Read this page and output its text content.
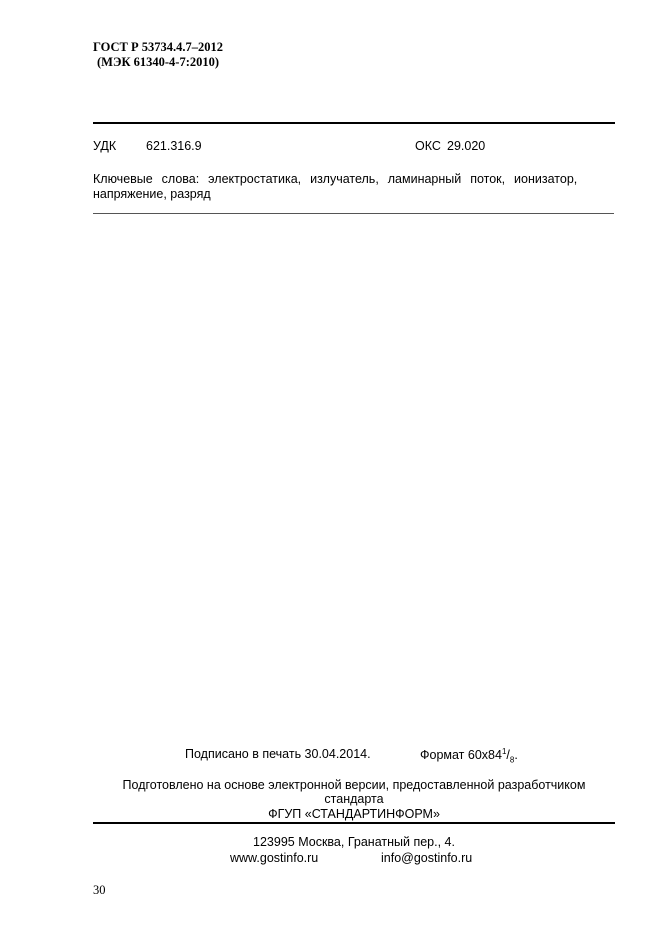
ГОСТ Р 53734.4.7–2012
(МЭК 61340-4-7:2010)
УДК 621.316.9	ОКС 29.020
Ключевые  слова:  электростатика,  излучатель,  ламинарный  поток,  ионизатор,
напряжение, разряд
Подписано в печать 30.04.2014.	Формат $60x84^1/_8$.
Подготовлено на основе электронной версии, предоставленной разработчиком
стандарта
ФГУП «СТАНДАРТИНФОРМ»
123995 Москва, Гранатный пер., 4.
www.gostinfo.ru	info@gostinfo.ru
30
